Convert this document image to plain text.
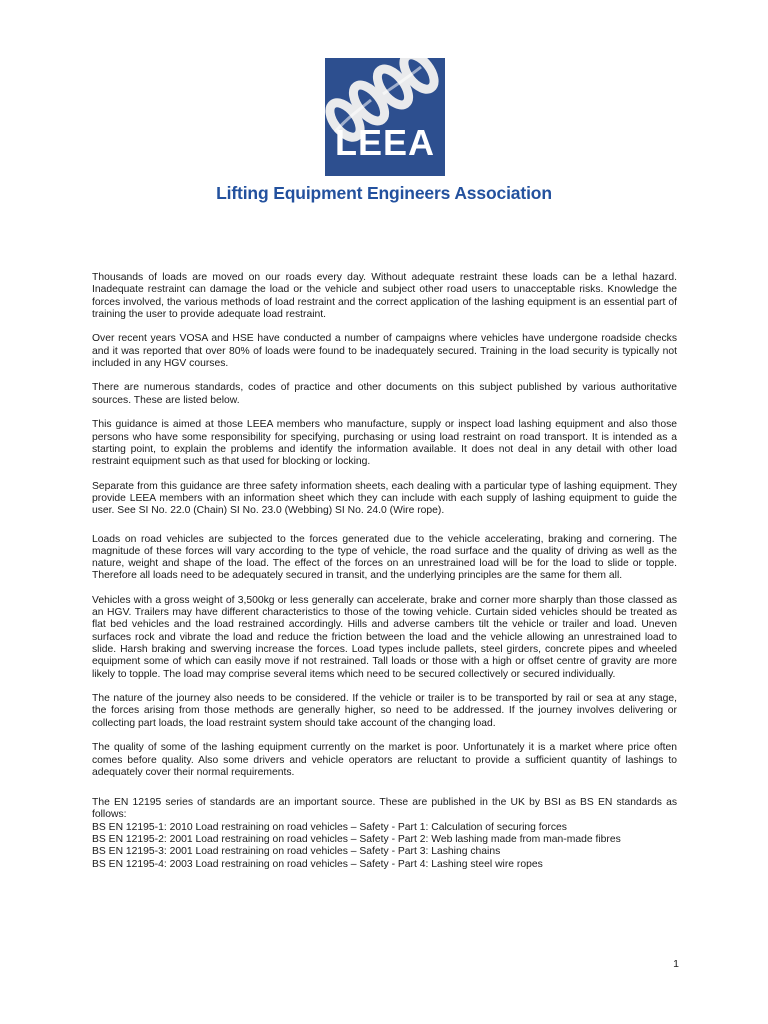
LEEA
Lifting Equipment Engineers Association

Thousands of loads are moved on our roads every day. Without adequate restraint these loads can be a lethal hazard. Inadequate restraint can damage the load or the vehicle and subject other road users to unacceptable risks. Knowledge the forces involved, the various methods of load restraint and the correct application of the lashing equipment is an essential part of training the user to provide adequate load restraint.

Over recent years VOSA and HSE have conducted a number of campaigns where vehicles have undergone roadside checks and it was reported that over 80% of loads were found to be inadequately secured. Training in the load security is typically not included in any HGV courses.

There are numerous standards, codes of practice and other documents on this subject published by various authoritative sources. These are listed below.

This guidance is aimed at those LEEA members who manufacture, supply or inspect load lashing equipment and also those persons who have some responsibility for specifying, purchasing or using load restraint on road transport. It is intended as a starting point, to explain the problems and identify the information available. It does not deal in any detail with other load restraint equipment such as that used for blocking or locking.

Separate from this guidance are three safety information sheets, each dealing with a particular type of lashing equipment. They provide LEEA members with an information sheet which they can include with each supply of lashing equipment to guide the user. See SI No. 22.0 (Chain) SI No. 23.0 (Webbing) SI No. 24.0 (Wire rope).

Loads on road vehicles are subjected to the forces generated due to the vehicle accelerating, braking and cornering. The magnitude of these forces will vary according to the type of vehicle, the road surface and the quality of driving as well as the nature, weight and shape of the load. The effect of the forces on an unrestrained load will be for the load to slide or topple. Therefore all loads need to be adequately secured in transit, and the underlying principles are the same for them all.

Vehicles with a gross weight of 3,500kg or less generally can accelerate, brake and corner more sharply than those classed as an HGV. Trailers may have different characteristics to those of the towing vehicle. Curtain sided vehicles should be treated as flat bed vehicles and the load restrained accordingly. Hills and adverse cambers tilt the vehicle or trailer and load. Uneven surfaces rock and vibrate the load and reduce the friction between the load and the vehicle allowing an unrestrained load to slide. Harsh braking and swerving increase the forces. Load types include pallets, steel girders, concrete pipes and wheeled equipment some of which can easily move if not restrained. Tall loads or those with a high or offset centre of gravity are more likely to topple. The load may comprise several items which need to be secured collectively or secured individually.

The nature of the journey also needs to be considered. If the vehicle or trailer is to be transported by rail or sea at any stage, the forces arising from those methods are generally higher, so need to be addressed. If the journey involves delivering or collecting part loads, the load restraint system should take account of the changing load.

The quality of some of the lashing equipment currently on the market is poor. Unfortunately it is a market where price often comes before quality. Also some drivers and vehicle operators are reluctant to provide a sufficient quantity of lashings to adequately cover their normal requirements.

The EN 12195 series of standards are an important source. These are published in the UK by BSI as BS EN standards as follows:

BS EN 12195-1: 2010 Load restraining on road vehicles – Safety - Part 1: Calculation of securing forces
BS EN 12195-2: 2001 Load restraining on road vehicles – Safety - Part 2: Web lashing made from man-made fibres
BS EN 12195-3: 2001 Load restraining on road vehicles – Safety - Part 3: Lashing chains
BS EN 12195-4: 2003 Load restraining on road vehicles – Safety - Part 4: Lashing steel wire ropes
1
